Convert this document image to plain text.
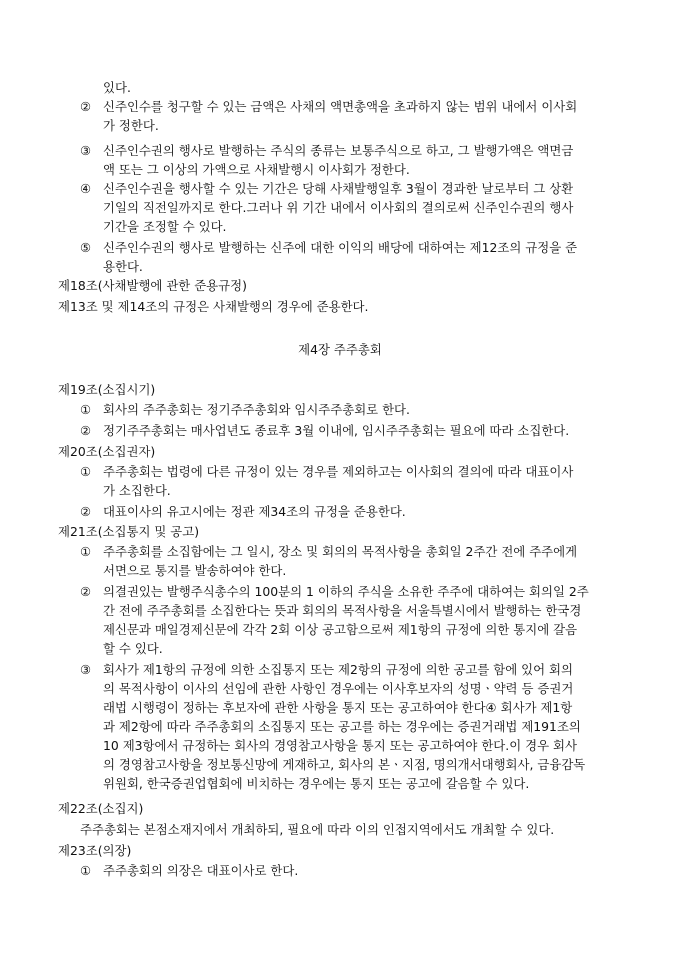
있다.
② 신주인수를 청구할 수 있는 금액은 사채의 액면총액을 초과하지 않는 범위 내에서 이사회
가 정한다.
③ 신주인수권의 행사로 발행하는 주식의 종류는 보통주식으로 하고, 그 발행가액은 액면금
액 또는 그 이상의 가액으로 사채발행시 이사회가 정한다.
④ 신주인수권을 행사할 수 있는 기간은 당해 사채발행일후 3월이 경과한 날로부터 그 상환
기일의 직전일까지로 한다.그러나 위 기간 내에서 이사회의 결의로써 신주인수권의 행사
기간을 조정할 수 있다.
⑤ 신주인수권의 행사로 발행하는 신주에 대한 이익의 배당에 대하여는 제12조의 규정을 준
용한다.
제18조(사채발행에 관한 준용규정)
제13조 및 제14조의 규정은 사채발행의 경우에 준용한다.
제4장 주주총회
제19조(소집시기)
① 회사의 주주총회는 정기주주총회와 임시주주총회로 한다.
② 정기주주총회는 매사업년도 종료후 3월 이내에, 임시주주총회는 필요에 따라 소집한다.
제20조(소집권자)
① 주주총회는 법령에 다른 규정이 있는 경우를 제외하고는 이사회의 결의에 따라 대표이사
가 소집한다.
② 대표이사의 유고시에는 정관 제34조의 규정을 준용한다.
제21조(소집통지 및 공고)
① 주주총회를 소집함에는 그 일시, 장소 및 회의의 목적사항을 총회일 2주간 전에 주주에게
서면으로 통지를 발송하여야 한다.
② 의결권있는 발행주식총수의 100분의 1 이하의 주식을 소유한 주주에 대하여는 회의일 2주
간 전에 주주총회를 소집한다는 뜻과 회의의 목적사항을 서울특별시에서 발행하는 한국경
제신문과 매일경제신문에 각각 2회 이상 공고함으로써 제1항의 규정에 의한 통지에 갈음
할 수 있다.
③ 회사가 제1항의 규정에 의한 소집통지 또는 제2항의 규정에 의한 공고를 함에 있어 회의
의 목적사항이 이사의 선임에 관한 사항인 경우에는 이사후보자의 성명ㆍ약력 등 증권거
래법 시행령이 정하는 후보자에 관한 사항을 통지 또는 공고하여야 한다④ 회사가 제1항
과 제2항에 따라 주주총회의 소집통지 또는 공고를 하는 경우에는 증권거래법 제191조의
10 제3항에서 규정하는 회사의 경영참고사항을 통지 또는 공고하여야 한다.이 경우 회사
의 경영참고사항을 정보통신망에 게재하고, 회사의 본ㆍ지점, 명의개서대행회사, 금융감독
위원회, 한국증권업협회에 비치하는 경우에는 통지 또는 공고에 갈음할 수 있다.
제22조(소집지)
주주총회는 본점소재지에서 개최하되, 필요에 따라 이의 인접지역에서도 개최할 수 있다.
제23조(의장)
① 주주총회의 의장은 대표이사로 한다.
